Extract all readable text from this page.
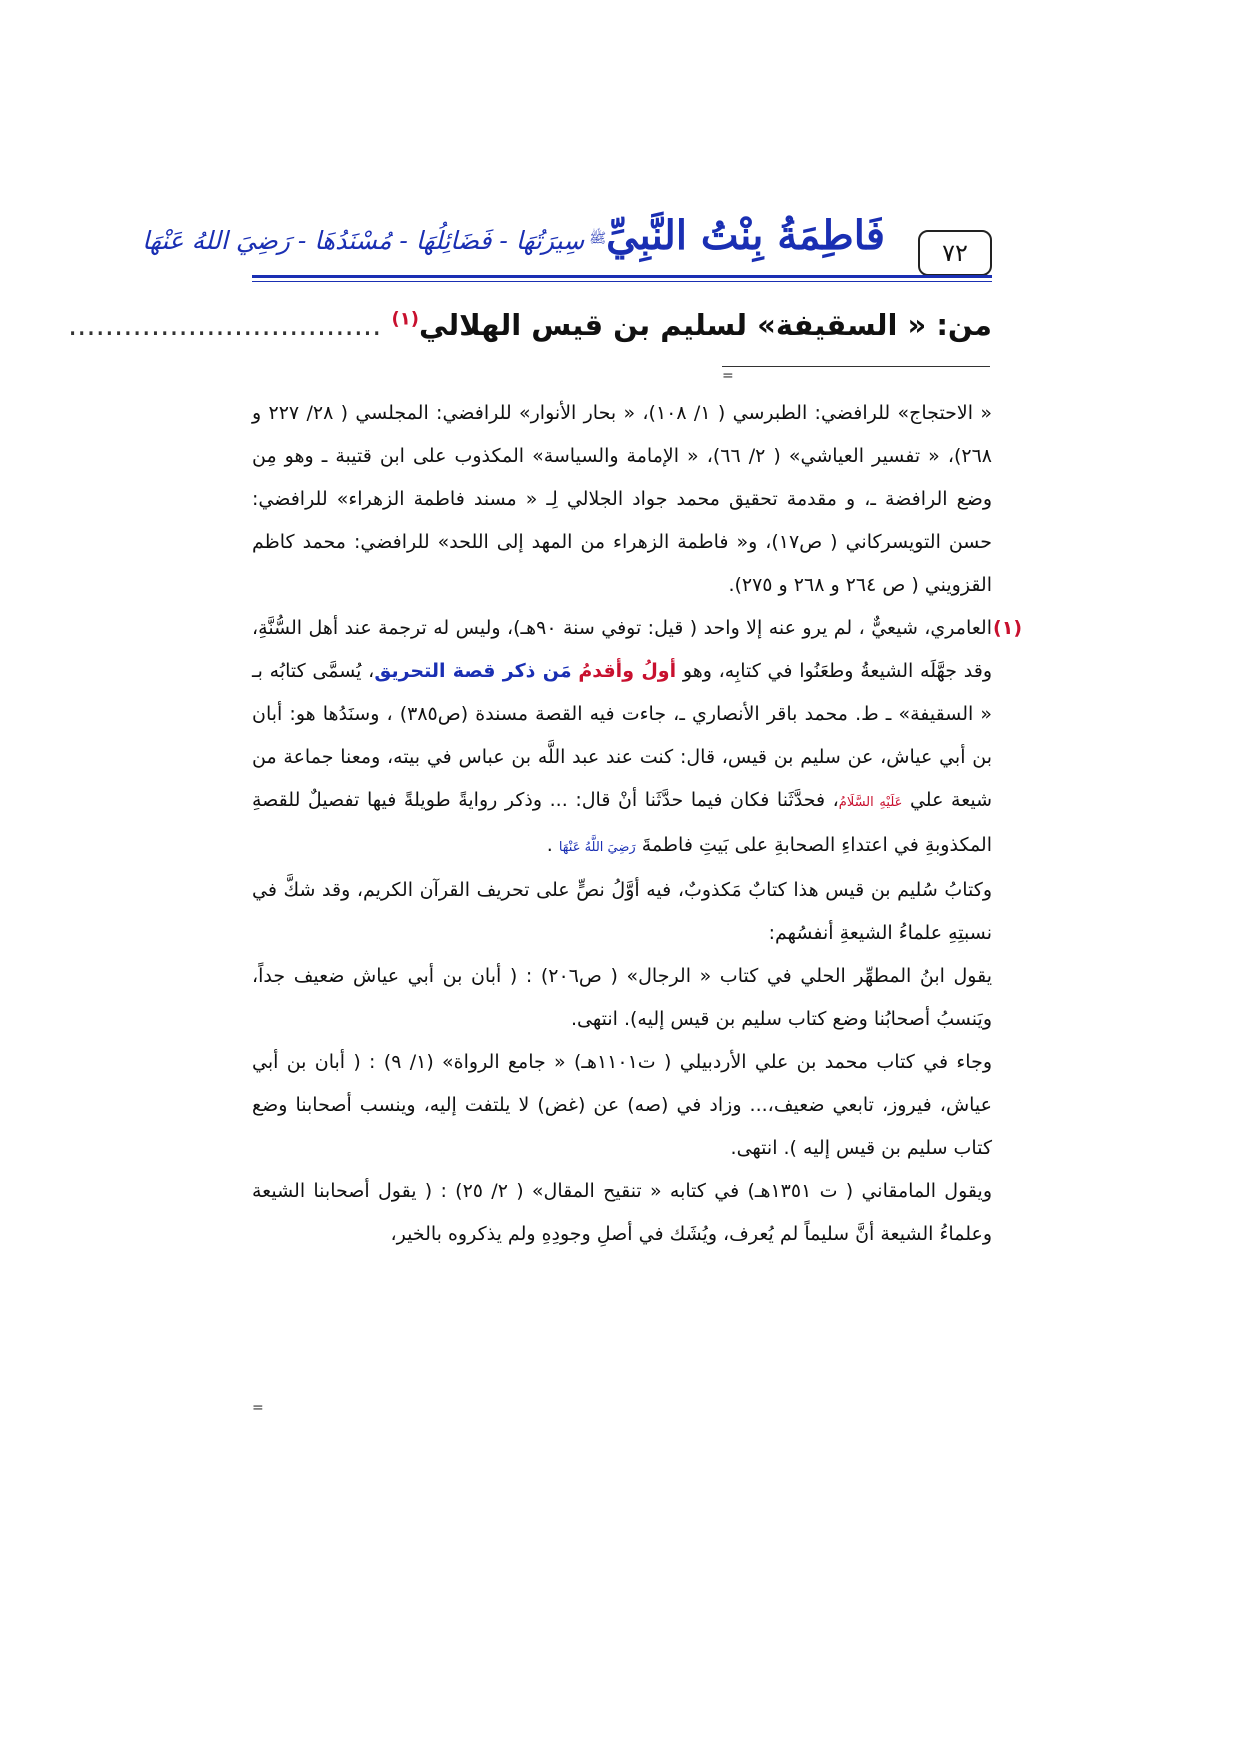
٧٢
فَاطِمَةُ بِنْتُ النَّبِيِّﷺ سِيرَتُهَا - فَضَائِلُهَا - مُسْنَدُهَا - رَضِيَ اللهُ عَنْهَا
من: « السقيفة» لسليم بن قيس الهلالي$^{(١)}$ ..................................
=

« الاحتجاج» للرافضي: الطبرسي ( ١/ ١٠٨)، « بحار الأنوار» للرافضي: المجلسي ( ٢٨/ ٢٢٧ و ٢٦٨)، « تفسير العياشي» ( ٢/ ٦٦)، « الإمامة والسياسة» المكذوب على ابن قتيبة ـ وهو مِن وضع الرافضة ـ، و مقدمة تحقيق محمد جواد الجلالي لِـ « مسند فاطمة الزهراء» للرافضي: حسن التويسركاني ( ص١٧)، و« فاطمة الزهراء من المهد إلى اللحد» للرافضي: محمد كاظم القزويني ( ص ٢٦٤ و ٢٦٨ و ٢٧٥).

(١)
العامري، شيعيٌّ ، لم يرو عنه إلا واحد ( قيل: توفي سنة ٩٠هـ)، وليس له ترجمة عند أهل السُّنَّةِ، وقد جهَّلَه الشيعةُ وطعَنُوا في كتابِه، وهو أولُ وأقدمُ مَن ذكر قصة التحريق، يُسمَّى كتابُه بـ « السقيفة» ـ ط. محمد باقر الأنصاري ـ، جاءت فيه القصة مسندة (ص٣٨٥) ، وسنَدُها هو: أبان بن أبي عياش، عن سليم بن قيس، قال: كنت عند عبد اللَّه بن عباس في بيته، ومعنا جماعة من شيعة علي عَلَيْهِ السَّلَامُ، فحدَّثَنا فكان فيما حدَّثَنا أنْ قال: ... وذكر روايةً طويلةً فيها تفصيلٌ للقصةِ المكذوبةِ في اعتداءِ الصحابةِ على بَيتِ فاطمةَ رَضِيَ اللَّهُ عَنْهَا .

وكتابُ سُليم بن قيس هذا كتابٌ مَكذوبٌ، فيه أوَّلُ نصٍّ على تحريف القرآن الكريم، وقد شكَّ في نسبتِهِ علماءُ الشيعةِ أنفسُهم:

يقول ابنُ المطهِّر الحلي في كتاب « الرجال» ( ص٢٠٦) : ( أبان بن أبي عياش ضعيف جداً، ويَنسبُ أصحابُنا وضع كتاب سليم بن قيس إليه). انتهى.

وجاء في كتاب محمد بن علي الأردبيلي ( ت١١٠١هـ) « جامع الرواة» (١/ ٩) : ( أبان بن أبي عياش، فيروز، تابعي ضعيف،... وزاد في (صه) عن (غض) لا يلتفت إليه، وينسب أصحابنا وضع كتاب سليم بن قيس إليه ). انتهى.

ويقول المامقاني ( ت ١٣٥١هـ) في كتابه « تنقيح المقال» ( ٢/ ٢٥) : ( يقول أصحابنا الشيعة وعلماءُ الشيعة أنَّ سليماً لم يُعرف، ويُشَك في أصلِ وجودِهِ ولم يذكروه بالخير،

=
